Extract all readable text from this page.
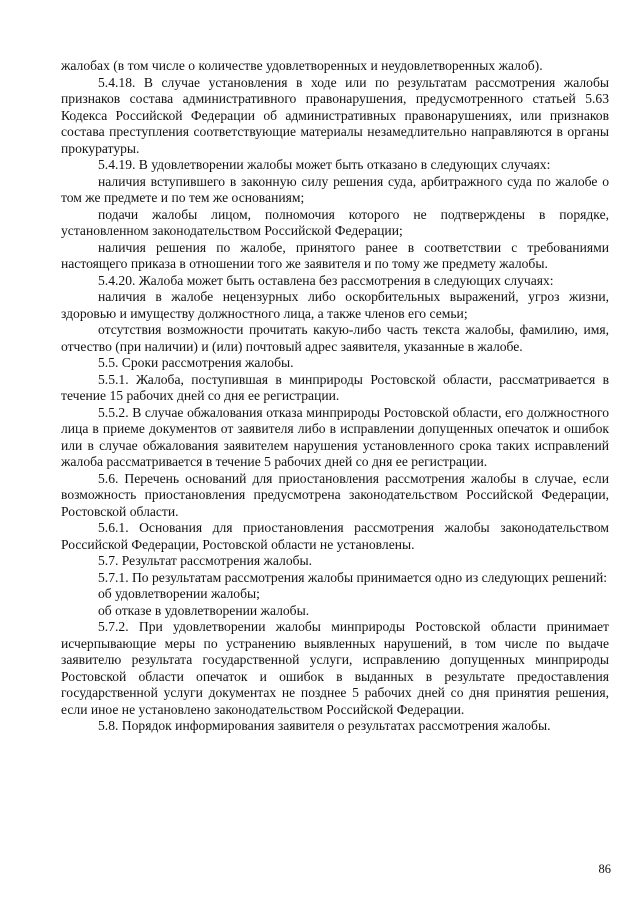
жалобах (в том числе о количестве удовлетворенных и неудовлетворенных жалоб).

5.4.18. В случае установления в ходе или по результатам рассмотрения жалобы признаков состава административного правонарушения, предусмотренного статьей 5.63 Кодекса Российской Федерации об административных правонарушениях, или признаков состава преступления соответствующие материалы незамедлительно направляются в органы прокуратуры.

5.4.19. В удовлетворении жалобы может быть отказано в следующих случаях:

наличия вступившего в законную силу решения суда, арбитражного суда по жалобе о том же предмете и по тем же основаниям;

подачи жалобы лицом, полномочия которого не подтверждены в порядке, установленном законодательством Российской Федерации;

наличия решения по жалобе, принятого ранее в соответствии с требованиями настоящего приказа в отношении того же заявителя и по тому же предмету жалобы.

5.4.20. Жалоба может быть оставлена без рассмотрения в следующих случаях:

наличия в жалобе нецензурных либо оскорбительных выражений, угроз жизни, здоровью и имуществу должностного лица, а также членов его семьи;

отсутствия возможности прочитать какую-либо часть текста жалобы, фамилию, имя, отчество (при наличии) и (или) почтовый адрес заявителя, указанные в жалобе.

5.5. Сроки рассмотрения жалобы.

5.5.1. Жалоба, поступившая в минприроды Ростовской области, рассматривается в течение 15 рабочих дней со дня ее регистрации.

5.5.2. В случае обжалования отказа минприроды Ростовской области, его должностного лица в приеме документов от заявителя либо в исправлении допущенных опечаток и ошибок или в случае обжалования заявителем нарушения установленного срока таких исправлений жалоба рассматривается в течение 5 рабочих дней со дня ее регистрации.

5.6. Перечень оснований для приостановления рассмотрения жалобы в случае, если возможность приостановления предусмотрена законодательством Российской Федерации, Ростовской области.

5.6.1. Основания для приостановления рассмотрения жалобы законодательством Российской Федерации, Ростовской области не установлены.

5.7. Результат рассмотрения жалобы.

5.7.1. По результатам рассмотрения жалобы принимается одно из следующих решений:

об удовлетворении жалобы;

об отказе в удовлетворении жалобы.

5.7.2. При удовлетворении жалобы минприроды Ростовской области принимает исчерпывающие меры по устранению выявленных нарушений, в том числе по выдаче заявителю результата государственной услуги, исправлению допущенных минприроды Ростовской области опечаток и ошибок в выданных в результате предоставления государственной услуги документах не позднее 5 рабочих дней со дня принятия решения, если иное не установлено законодательством Российской Федерации.

5.8. Порядок информирования заявителя о результатах рассмотрения жалобы.

86
